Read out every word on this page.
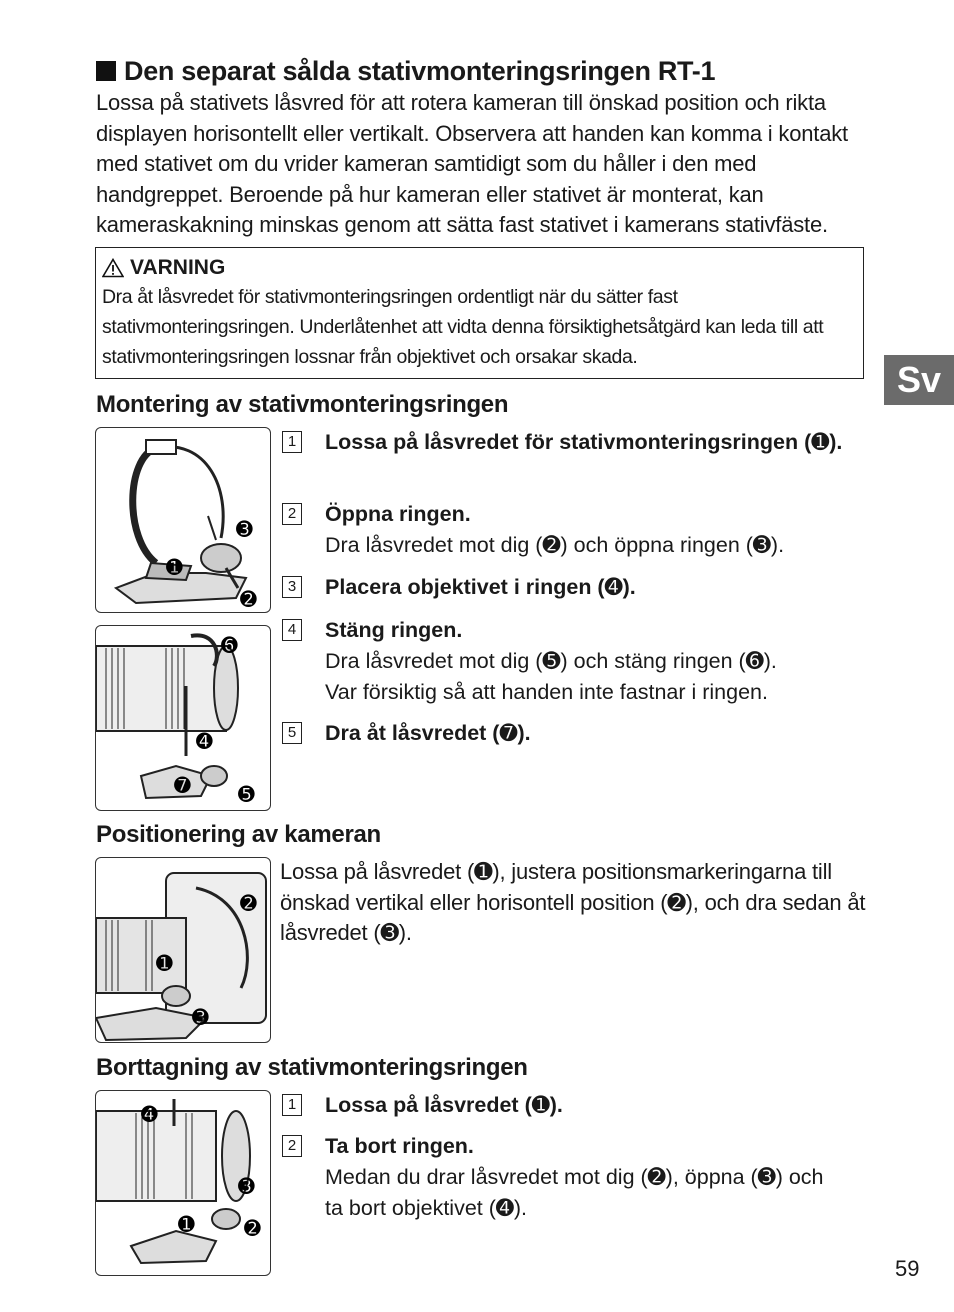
Den separat sålda stativmonteringsringen RT-1
Lossa på stativets låsvred för att rotera kameran till önskad position och rikta displayen horisontellt eller vertikalt. Observera att handen kan komma i kontakt med stativet om du vrider kameran samtidigt som du håller i den med handgreppet. Beroende på hur kameran eller stativet är monterat, kan kameraskakning minskas genom att sätta fast stativet i kamerans stativfäste.
VARNING
Dra åt låsvredet för stativmonteringsringen ordentligt när du sätter fast stativmonteringsringen. Underlåtenhet att vidta denna försiktighetsåtgärd kan leda till att stativmonteringsringen lossnar från objektivet och orsakar skada.
Sv
Montering av stativmonteringsringen
➌
➊
➋
➏
➍
➐ ➎
1 Lossa på låsvredet för stativmonteringsringen (➊).
2 Öppna ringen.
Dra låsvredet mot dig (➋) och öppna ringen (➌).
3 Placera objektivet i ringen (➍).
4 Stäng ringen.
Dra låsvredet mot dig (➎) och stäng ringen (➏).
Var försiktig så att handen inte fastnar i ringen.
5 Dra åt låsvredet (➐).
Positionering av kameran
➋
➊
➌
Lossa på låsvredet (➊), justera positionsmarkeringarna till önskad vertikal eller horisontell position (➋), och dra sedan åt låsvredet (➌).
Borttagning av stativmonteringsringen
➍
➌
➊ ➋
1 Lossa på låsvredet (➊).
2 Ta bort ringen.
Medan du drar låsvredet mot dig (➋), öppna (➌) och ta bort objektivet (➍).
59
